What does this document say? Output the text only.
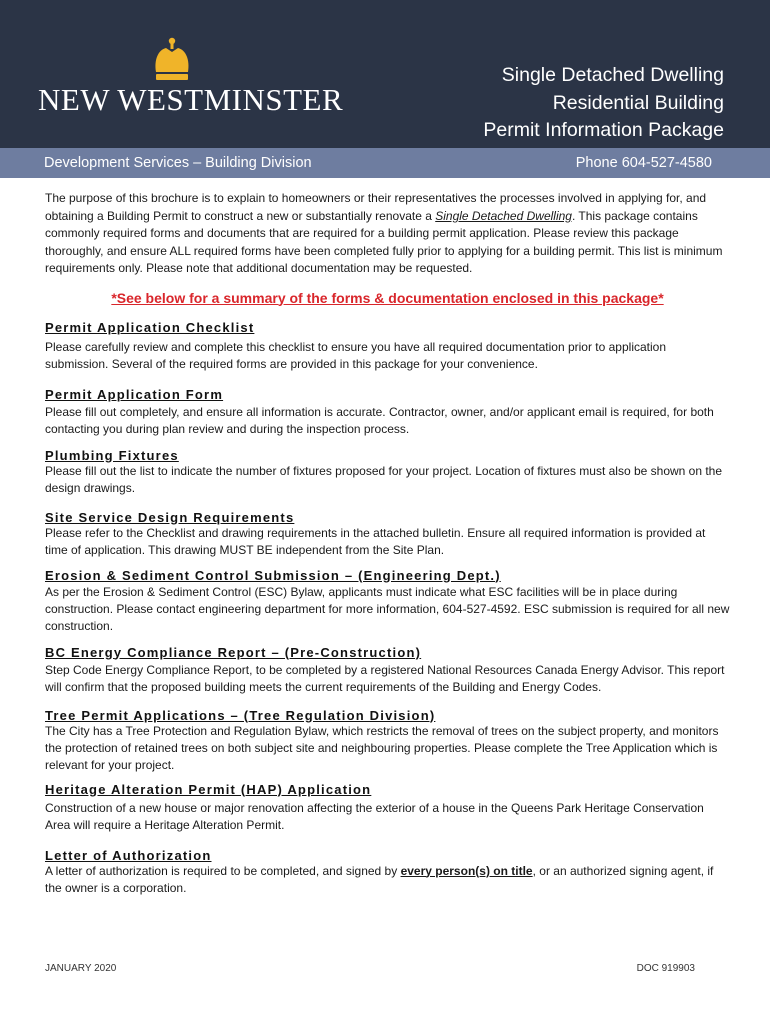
NEW WESTMINSTER
Single Detached Dwelling
Residential Building
Permit Information Package
Development Services – Building Division	Phone 604-527-4580

The purpose of this brochure is to explain to homeowners or their representatives the processes involved in applying for, and obtaining a Building Permit to construct a new or substantially renovate a Single Detached Dwelling. This package contains commonly required forms and documents that are required for a building permit application. Please review this package thoroughly, and ensure ALL required forms have been completed fully prior to applying for a building permit. This list is minimum requirements only. Please note that additional documentation may be requested.

*See below for a summary of the forms & documentation enclosed in this package*
Permit Application Checklist

Please carefully review and complete this checklist to ensure you have all required documentation prior to application submission. Several of the required forms are provided in this package for your convenience.

Permit Application Form

Please fill out completely, and ensure all information is accurate. Contractor, owner, and/or applicant email is required, for both contacting you during plan review and during the inspection process.

Plumbing Fixtures

Please fill out the list to indicate the number of fixtures proposed for your project. Location of fixtures must also be shown on the design drawings.

Site Service Design Requirements

Please refer to the Checklist and drawing requirements in the attached bulletin. Ensure all required information is provided at time of application. This drawing MUST BE independent from the Site Plan.

Erosion & Sediment Control Submission – (Engineering Dept.)

As per the Erosion & Sediment Control (ESC) Bylaw, applicants must indicate what ESC facilities will be in place during construction. Please contact engineering department for more information, 604-527-4592. ESC submission is required for all new construction.

BC Energy Compliance Report – (Pre-Construction)

Step Code Energy Compliance Report, to be completed by a registered National Resources Canada Energy Advisor. This report will confirm that the proposed building meets the current requirements of the Building and Energy Codes.

Tree Permit Applications – (Tree Regulation Division)

The City has a Tree Protection and Regulation Bylaw, which restricts the removal of trees on the subject property, and monitors the protection of retained trees on both subject site and neighbouring properties. Please complete the Tree Application which is relevant for your project.

Heritage Alteration Permit (HAP) Application

Construction of a new house or major renovation affecting the exterior of a house in the Queens Park Heritage Conservation Area will require a Heritage Alteration Permit.

Letter of Authorization

A letter of authorization is required to be completed, and signed by every person(s) on title, or an authorized signing agent, if the owner is a corporation.

JANUARY 2020	DOC 919903
